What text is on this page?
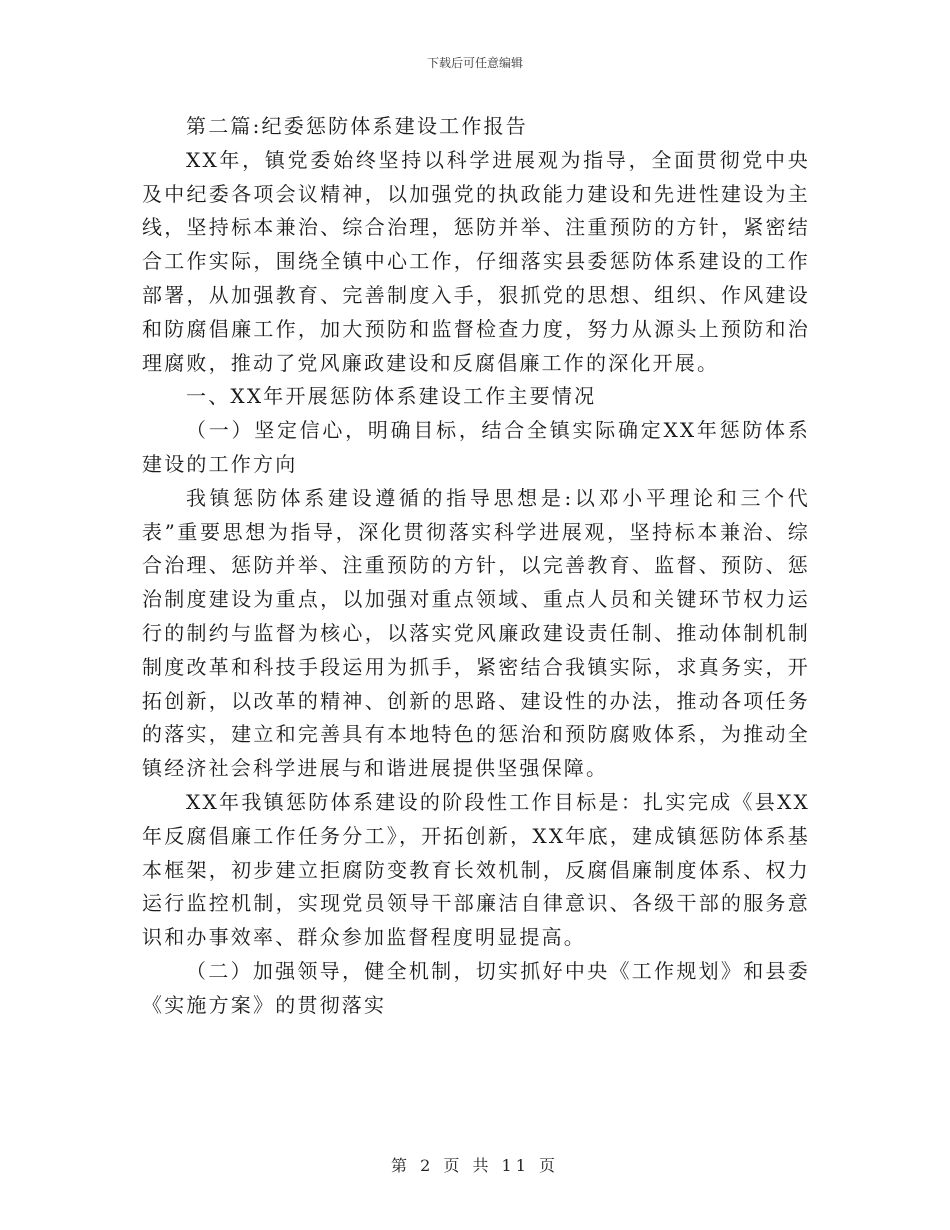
下载后可任意编辑

第二篇:纪委惩防体系建设工作报告

XX年，镇党委始终坚持以科学进展观为指导，全面贯彻党中央及中纪委各项会议精神，以加强党的执政能力建设和先进性建设为主线，坚持标本兼治、综合治理，惩防并举、注重预防的方针，紧密结合工作实际，围绕全镇中心工作，仔细落实县委惩防体系建设的工作部署，从加强教育、完善制度入手，狠抓党的思想、组织、作风建设和防腐倡廉工作，加大预防和监督检查力度，努力从源头上预防和治理腐败，推动了党风廉政建设和反腐倡廉工作的深化开展。

一、XX年开展惩防体系建设工作主要情况

（一）坚定信心，明确目标，结合全镇实际确定XX年惩防体系建设的工作方向

我镇惩防体系建设遵循的指导思想是:以邓小平理论和三个代表”重要思想为指导，深化贯彻落实科学进展观，坚持标本兼治、综合治理、惩防并举、注重预防的方针，以完善教育、监督、预防、惩治制度建设为重点，以加强对重点领域、重点人员和关键环节权力运行的制约与监督为核心，以落实党风廉政建设责任制、推动体制机制制度改革和科技手段运用为抓手，紧密结合我镇实际，求真务实，开拓创新，以改革的精神、创新的思路、建设性的办法，推动各项任务的落实，建立和完善具有本地特色的惩治和预防腐败体系，为推动全镇经济社会科学进展与和谐进展提供坚强保障。

XX年我镇惩防体系建设的阶段性工作目标是：扎实完成《县XX年反腐倡廉工作任务分工》，开拓创新，XX年底，建成镇惩防体系基本框架，初步建立拒腐防变教育长效机制，反腐倡廉制度体系、权力运行监控机制，实现党员领导干部廉洁自律意识、各级干部的服务意识和办事效率、群众参加监督程度明显提高。

（二）加强领导，健全机制，切实抓好中央《工作规划》和县委《实施方案》的贯彻落实

第 2 页 共 11 页
